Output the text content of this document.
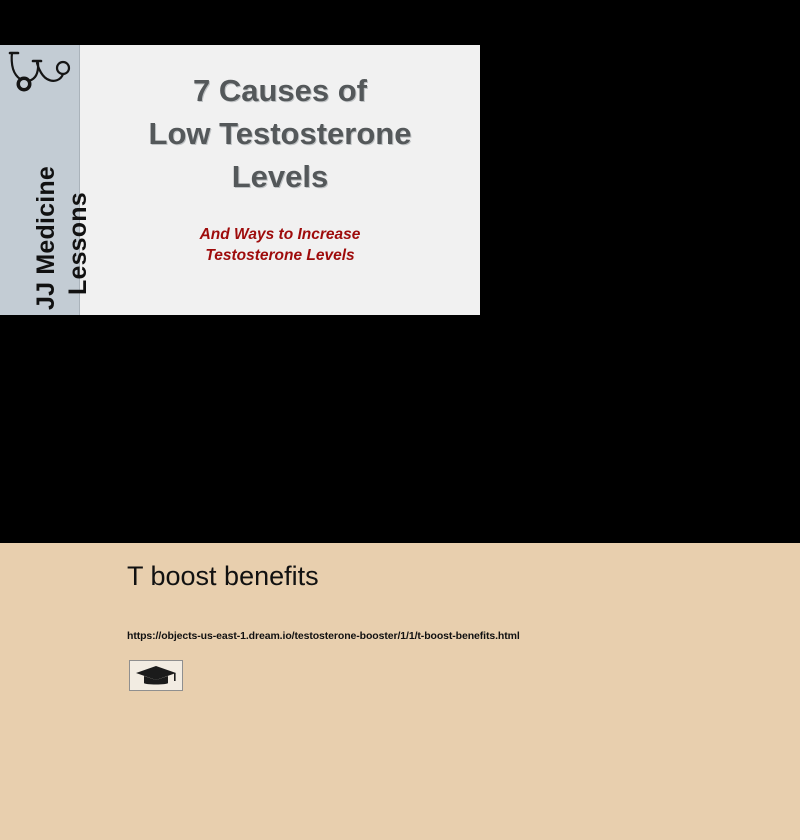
JJ Medicine Lessons
7 Causes of
Low Testosterone
Levels
And Ways to Increase
Testosterone Levels
T boost benefits
https://objects-us-east-1.dream.io/testosterone-booster/1/1/t-boost-benefits.html
